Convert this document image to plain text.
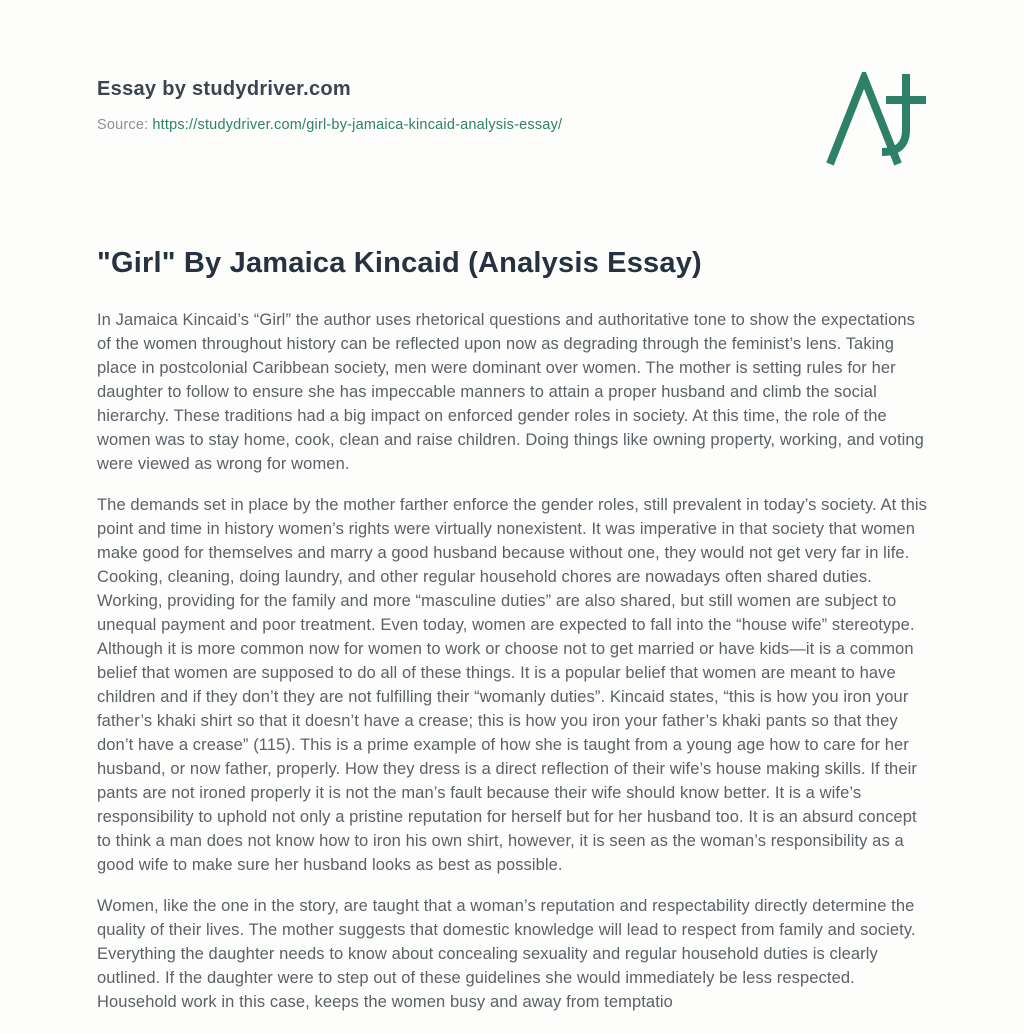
Essay by studydriver.com
Source: https://studydriver.com/girl-by-jamaica-kincaid-analysis-essay/
"Girl" By Jamaica Kincaid (Analysis Essay)

In Jamaica Kincaid’s “Girl” the author uses rhetorical questions and authoritative tone to show the expectations of the women throughout history can be reflected upon now as degrading through the feminist’s lens. Taking place in postcolonial Caribbean society, men were dominant over women. The mother is setting rules for her daughter to follow to ensure she has impeccable manners to attain a proper husband and climb the social hierarchy. These traditions had a big impact on enforced gender roles in society. At this time, the role of the women was to stay home, cook, clean and raise children. Doing things like owning property, working, and voting were viewed as wrong for women.

The demands set in place by the mother farther enforce the gender roles, still prevalent in today’s society. At this point and time in history women’s rights were virtually nonexistent. It was imperative in that society that women make good for themselves and marry a good husband because without one, they would not get very far in life. Cooking, cleaning, doing laundry, and other regular household chores are nowadays often shared duties. Working, providing for the family and more “masculine duties” are also shared, but still women are subject to unequal payment and poor treatment. Even today, women are expected to fall into the “house wife” stereotype. Although it is more common now for women to work or choose not to get married or have kids—it is a common belief that women are supposed to do all of these things. It is a popular belief that women are meant to have children and if they don’t they are not fulfilling their “womanly duties”. Kincaid states, “this is how you iron your father’s khaki shirt so that it doesn’t have a crease; this is how you iron your father’s khaki pants so that they don’t have a crease” (115). This is a prime example of how she is taught from a young age how to care for her husband, or now father, properly. How they dress is a direct reflection of their wife’s house making skills. If their pants are not ironed properly it is not the man’s fault because their wife should know better. It is a wife’s responsibility to uphold not only a pristine reputation for herself but for her husband too. It is an absurd concept to think a man does not know how to iron his own shirt, however, it is seen as the woman’s responsibility as a good wife to make sure her husband looks as best as possible.

Women, like the one in the story, are taught that a woman’s reputation and respectability directly determine the quality of their lives. The mother suggests that domestic knowledge will lead to respect from family and society. Everything the daughter needs to know about concealing sexuality and regular household duties is clearly outlined. If the daughter were to step out of these guidelines she would immediately be less respected. Household work in this case, keeps the women busy and away from temptatio
